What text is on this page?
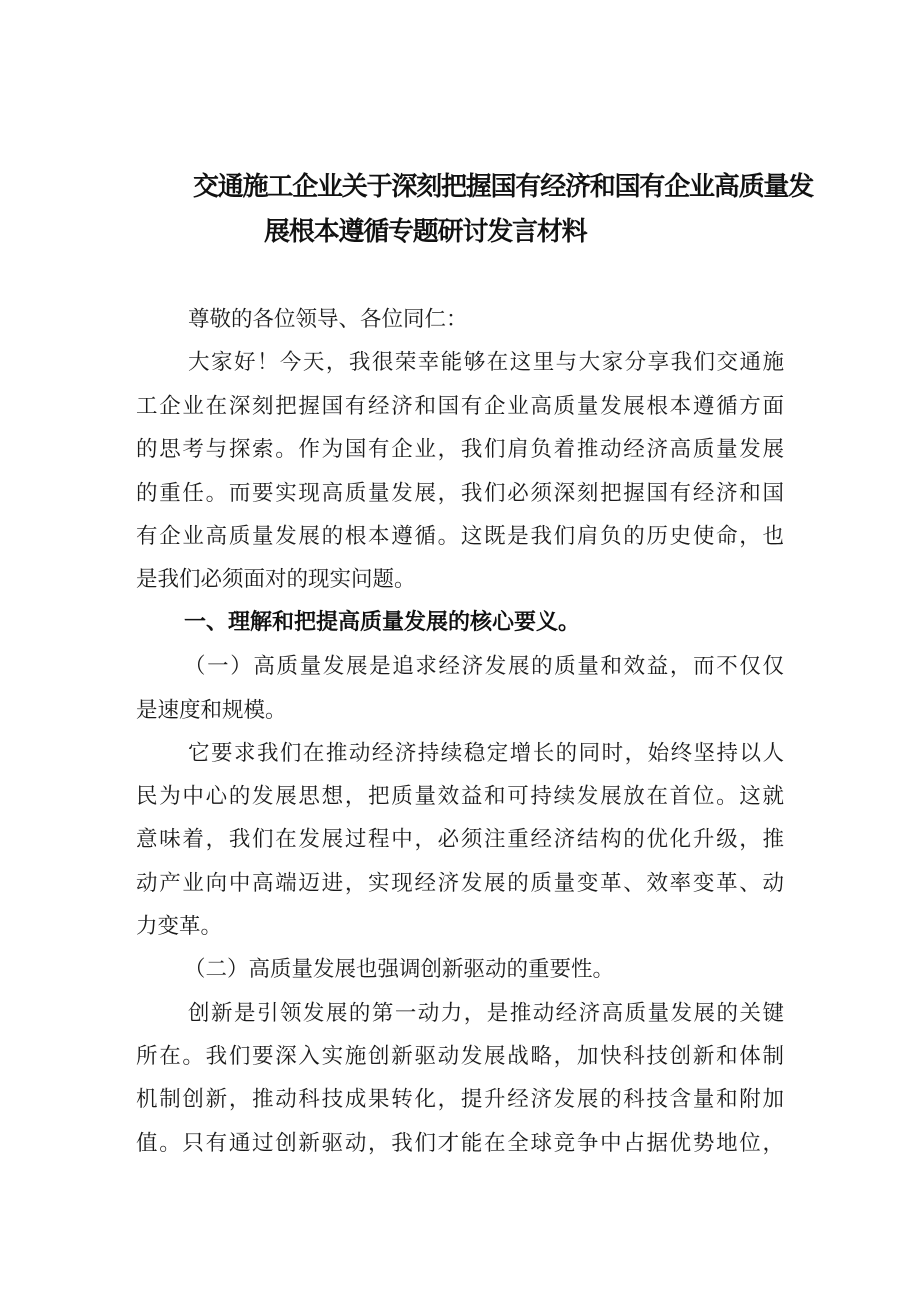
交通施工企业关于深刻把握国有经济和国有企业高质量发
展根本遵循专题研讨发言材料
尊敬的各位领导、各位同仁：
大家好！今天，我很荣幸能够在这里与大家分享我们交通施
工企业在深刻把握国有经济和国有企业高质量发展根本遵循方面
的思考与探索。作为国有企业，我们肩负着推动经济高质量发展
的重任。而要实现高质量发展，我们必须深刻把握国有经济和国
有企业高质量发展的根本遵循。这既是我们肩负的历史使命，也
是我们必须面对的现实问题。
一、理解和把提高质量发展的核心要义。
（一）高质量发展是追求经济发展的质量和效益，而不仅仅
是速度和规模。
它要求我们在推动经济持续稳定增长的同时，始终坚持以人
民为中心的发展思想，把质量效益和可持续发展放在首位。这就
意味着，我们在发展过程中，必须注重经济结构的优化升级，推
动产业向中高端迈进，实现经济发展的质量变革、效率变革、动
力变革。
（二）高质量发展也强调创新驱动的重要性。
创新是引领发展的第一动力，是推动经济高质量发展的关键
所在。我们要深入实施创新驱动发展战略，加快科技创新和体制
机制创新，推动科技成果转化，提升经济发展的科技含量和附加
值。只有通过创新驱动，我们才能在全球竞争中占据优势地位，
